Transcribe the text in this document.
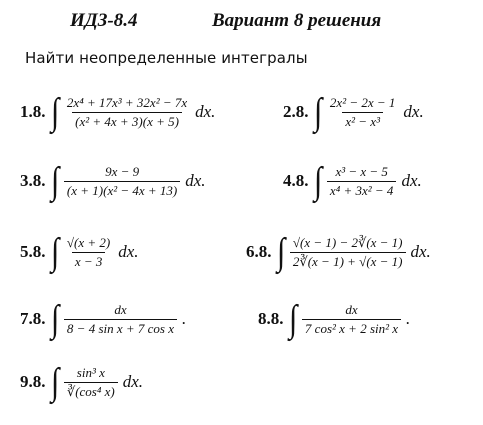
ИДЗ-8.4	Вариант 8 решения
Найти неопределенные интегралы
1.8. ∫ $\frac{\text{2x⁴ + 17x³ + 32x² − 7x}}{\text{(x² + 4x + 3)(x + 5)}}$ dx.	2.8. ∫ $\frac{\text{2x² − 2x − 1}}{\text{x² − x³}}$ dx.
3.8. ∫ $\frac{9x - 9}{\text{(x + 1)(x² − 4x + 13)}}$ dx.	4.8. ∫ $\frac{\text{x³ − x − 5}}{\text{x⁴ + 3x² − 4}}$ dx.
5.8. ∫ $\frac{√(x + 2)}{x - 3}$ dx.	6.8. ∫ $\frac{√(x - 1) - 2∛(x - 1)}{2∛(x - 1) + √(x - 1)}$ dx.
7.8. ∫ $\frac{dx}{\text{8 − 4 sin x + 7 cos x}}$ .	8.8. ∫ $\frac{dx}{\text{7 cos² x + 2 sin² x}}$ .
9.8. ∫ $\frac{\text{sin³ x}}{\text{∛(cos⁴ x)}}$ dx.
